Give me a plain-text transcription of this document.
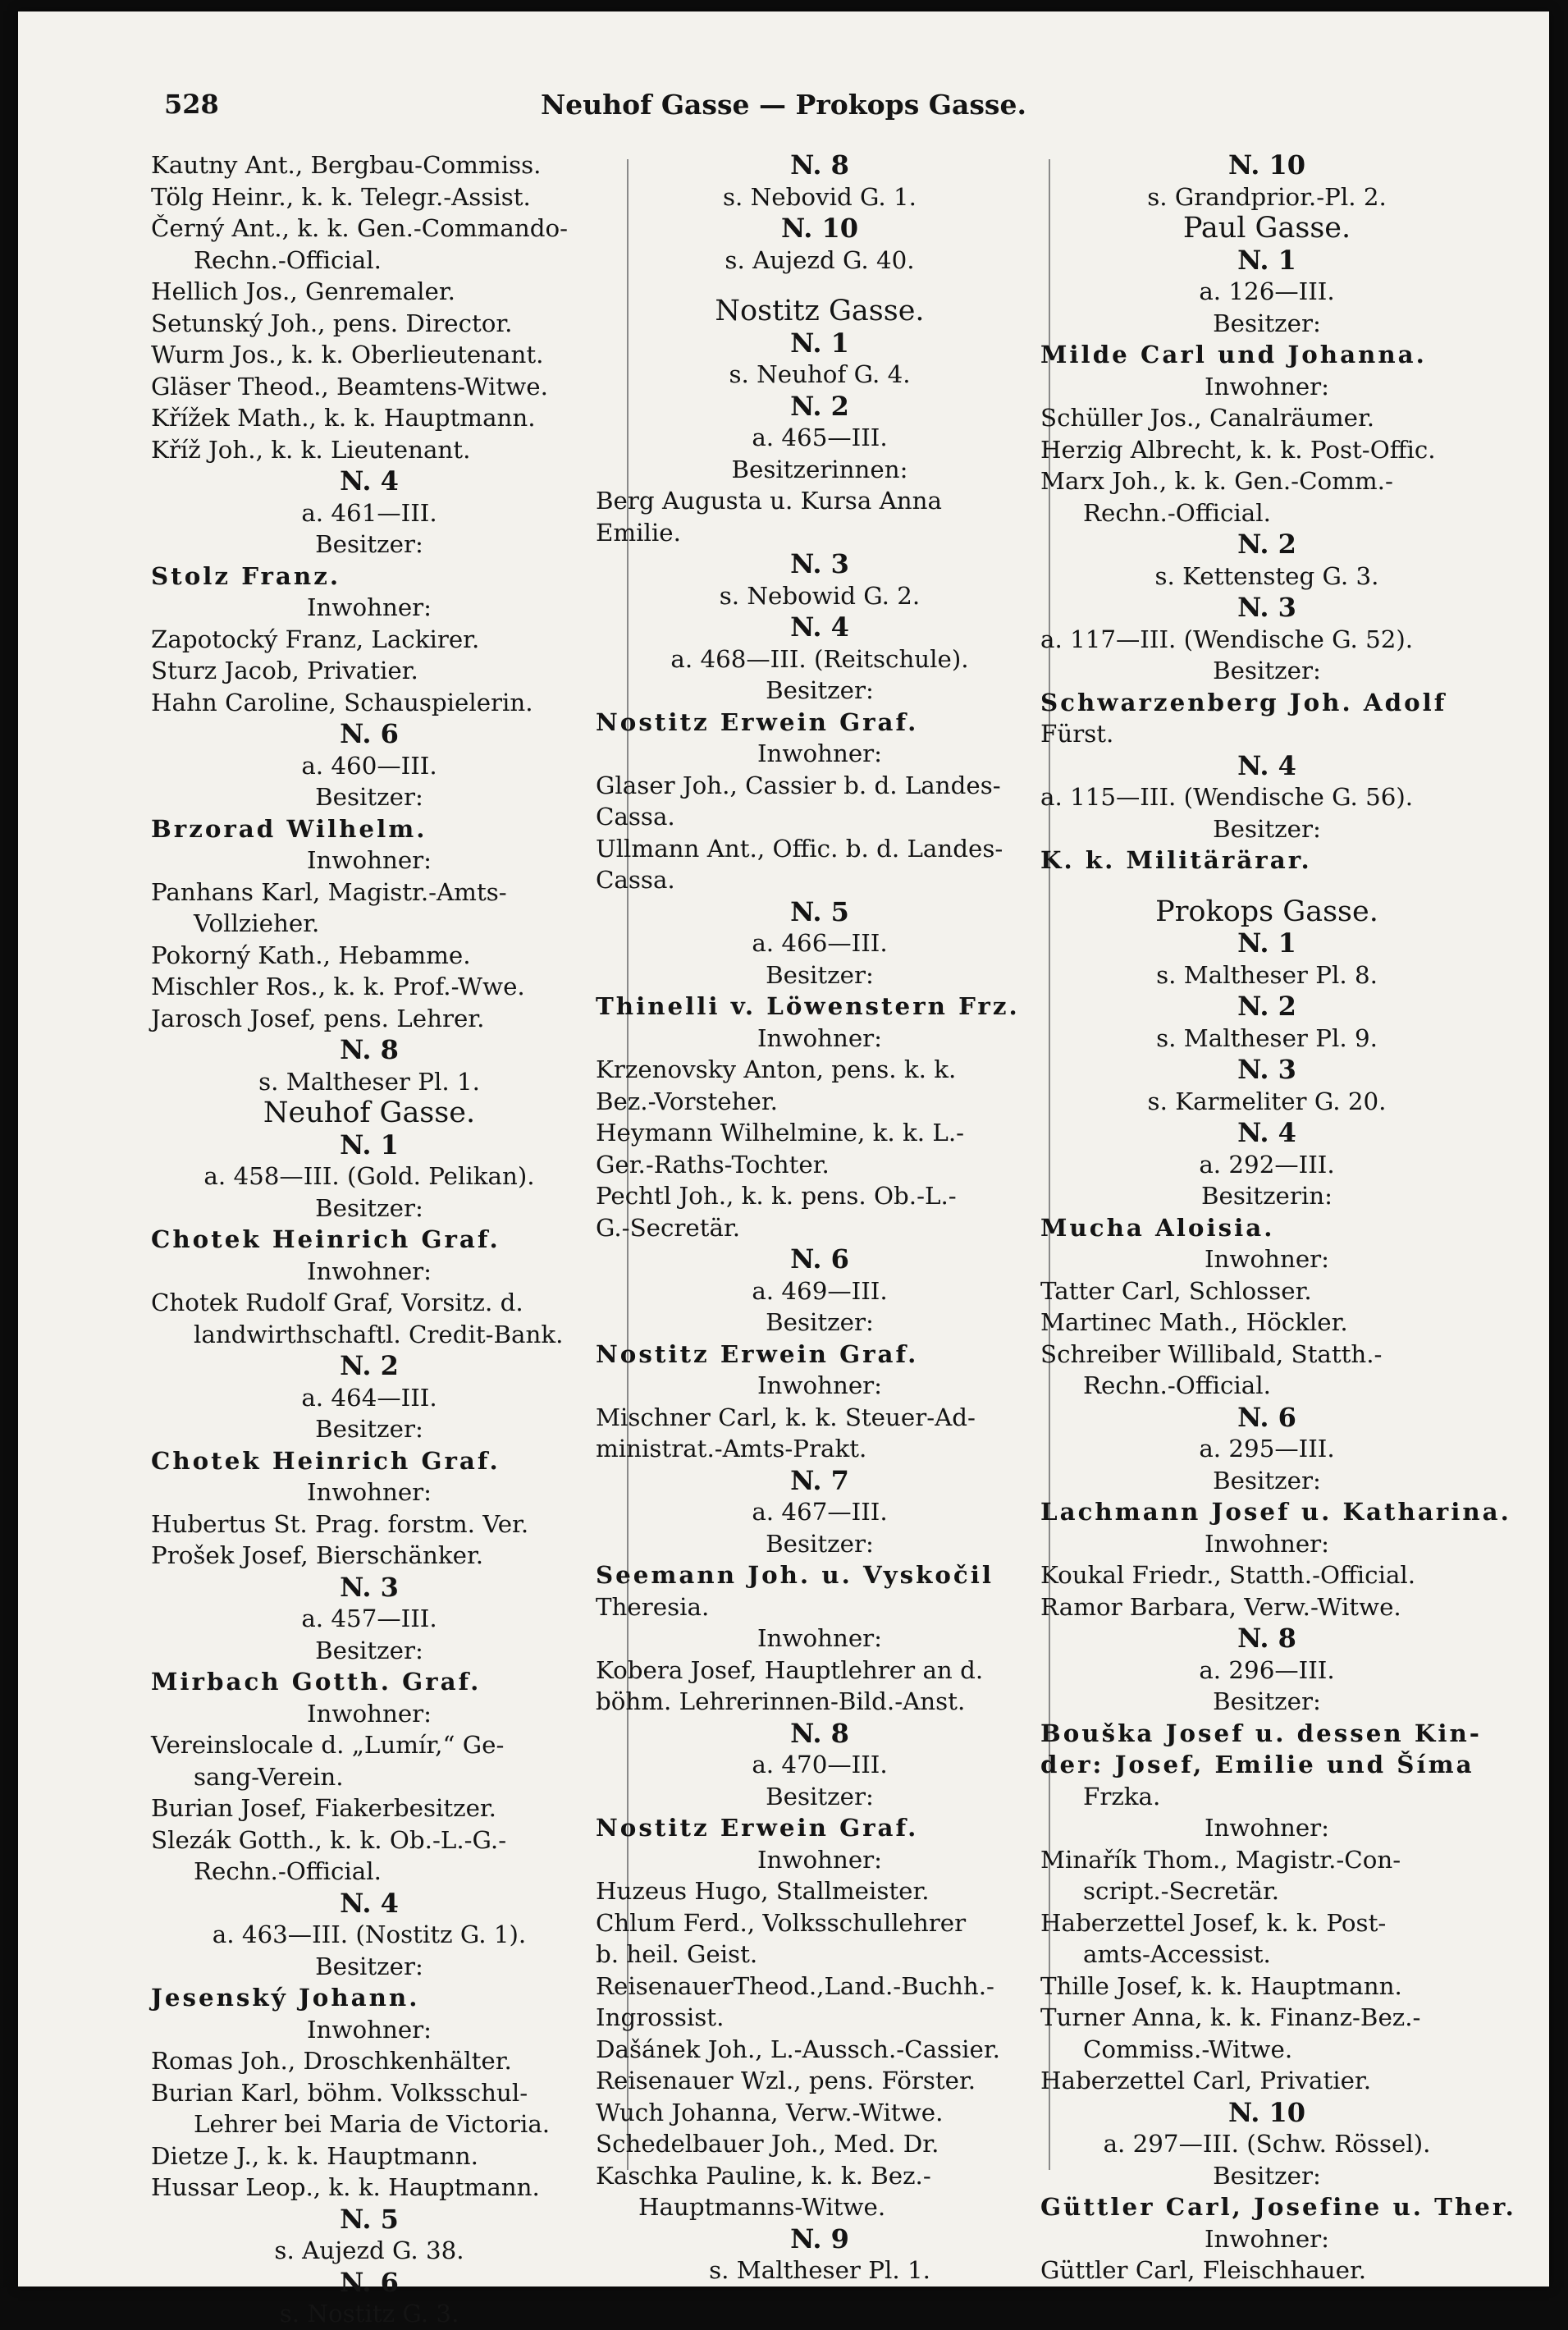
528	Neuhof Gasse — Prokops Gasse.
Kautny Ant., Bergbau-Commiss.
Tölg Heinr., k. k. Telegr.-Assist.
Černý Ant., k. k. Gen.-Commando-
Rechn.-Official.
Hellich Jos., Genremaler.
Setunský Joh., pens. Director.
Wurm Jos., k. k. Oberlieutenant.
Gläser Theod., Beamtens-Witwe.
Křížek Math., k. k. Hauptmann.
Kříž Joh., k. k. Lieutenant.
N. 4
a. 461—III.
Besitzer:
Stolz Franz.
Inwohner:
Zapotocký Franz, Lackirer.
Sturz Jacob, Privatier.
Hahn Caroline, Schauspielerin.
N. 6
a. 460—III.
Besitzer:
Brzorad Wilhelm.
Inwohner:
Panhans Karl, Magistr.-Amts-
Vollzieher.
Pokorný Kath., Hebamme.
Mischler Ros., k. k. Prof.-Wwe.
Jarosch Josef, pens. Lehrer.
N. 8
s. Maltheser Pl. 1.
Neuhof Gasse.
N. 1
a. 458—III. (Gold. Pelikan).
Besitzer:
Chotek Heinrich Graf.
Inwohner:
Chotek Rudolf Graf, Vorsitz. d.
landwirthschaftl. Credit-Bank.
N. 2
a. 464—III.
Besitzer:
Chotek Heinrich Graf.
Inwohner:
Hubertus St. Prag. forstm. Ver.
Prošek Josef, Bierschänker.
N. 3
a. 457—III.
Besitzer:
Mirbach Gotth. Graf.
Inwohner:
Vereinslocale d. „Lumír,“ Ge-
sang-Verein.
Burian Josef, Fiakerbesitzer.
Slezák Gotth., k. k. Ob.-L.-G.-
Rechn.-Official.
N. 4
a. 463—III. (Nostitz G. 1).
Besitzer:
Jesenský Johann.
Inwohner:
Romas Joh., Droschkenhälter.
Burian Karl, böhm. Volksschul-
Lehrer bei Maria de Victoria.
Dietze J., k. k. Hauptmann.
Hussar Leop., k. k. Hauptmann.
N. 5
s. Aujezd G. 38.
N. 6
s. Nostitz G. 3.
N. 8
s. Nebovid G. 1.
N. 10
s. Aujezd G. 40.
Nostitz Gasse.
N. 1
s. Neuhof G. 4.
N. 2
a. 465—III.
Besitzerinnen:
Berg Augusta u. Kursa Anna
Emilie.
N. 3
s. Nebowid G. 2.
N. 4
a. 468—III. (Reitschule).
Besitzer:
Nostitz Erwein Graf.
Inwohner:
Glaser Joh., Cassier b. d. Landes-
Cassa.
Ullmann Ant., Offic. b. d. Landes-
Cassa.
N. 5
a. 466—III.
Besitzer:
Thinelli v. Löwenstern Frz.
Inwohner:
Krzenovsky Anton, pens. k. k.
Bez.-Vorsteher.
Heymann Wilhelmine, k. k. L.-
Ger.-Raths-Tochter.
Pechtl Joh., k. k. pens. Ob.-L.-
G.-Secretär.
N. 6
a. 469—III.
Besitzer:
Nostitz Erwein Graf.
Inwohner:
Mischner Carl, k. k. Steuer-Ad-
ministrat.-Amts-Prakt.
N. 7
a. 467—III.
Besitzer:
Seemann Joh. u. Vyskočil
Theresia.
Inwohner:
Kobera Josef, Hauptlehrer an d.
böhm. Lehrerinnen-Bild.-Anst.
N. 8
a. 470—III.
Besitzer:
Nostitz Erwein Graf.
Inwohner:
Huzeus Hugo, Stallmeister.
Chlum Ferd., Volksschullehrer
b. heil. Geist.
ReisenauerTheod.,Land.-Buchh.-
Ingrossist.
Dašánek Joh., L.-Aussch.-Cassier.
Reisenauer Wzl., pens. Förster.
Wuch Johanna, Verw.-Witwe.
Schedelbauer Joh., Med. Dr.
Kaschka Pauline, k. k. Bez.-
Hauptmanns-Witwe.
N. 9
s. Maltheser Pl. 1.
N. 10
s. Grandprior.-Pl. 2.
Paul Gasse.
N. 1
a. 126—III.
Besitzer:
Milde Carl und Johanna.
Inwohner:
Schüller Jos., Canalräumer.
Herzig Albrecht, k. k. Post-Offic.
Marx Joh., k. k. Gen.-Comm.-
Rechn.-Official.
N. 2
s. Kettensteg G. 3.
N. 3
a. 117—III. (Wendische G. 52).
Besitzer:
Schwarzenberg Joh. Adolf
Fürst.
N. 4
a. 115—III. (Wendische G. 56).
Besitzer:
K. k. Militärärar.
Prokops Gasse.
N. 1
s. Maltheser Pl. 8.
N. 2
s. Maltheser Pl. 9.
N. 3
s. Karmeliter G. 20.
N. 4
a. 292—III.
Besitzerin:
Mucha Aloisia.
Inwohner:
Tatter Carl, Schlosser.
Martinec Math., Höckler.
Schreiber Willibald, Statth.-
Rechn.-Official.
N. 6
a. 295—III.
Besitzer:
Lachmann Josef u. Katharina.
Inwohner:
Koukal Friedr., Statth.-Official.
Ramor Barbara, Verw.-Witwe.
N. 8
a. 296—III.
Besitzer:
Bouška Josef u. dessen Kin-
der: Josef, Emilie und Šíma
Frzka.
Inwohner:
Minařík Thom., Magistr.-Con-
script.-Secretär.
Haberzettel Josef, k. k. Post-
amts-Accessist.
Thille Josef, k. k. Hauptmann.
Turner Anna, k. k. Finanz-Bez.-
Commiss.-Witwe.
Haberzettel Carl, Privatier.
N. 10
a. 297—III. (Schw. Rössel).
Besitzer:
Güttler Carl, Josefine u. Ther.
Inwohner:
Güttler Carl, Fleischhauer.
